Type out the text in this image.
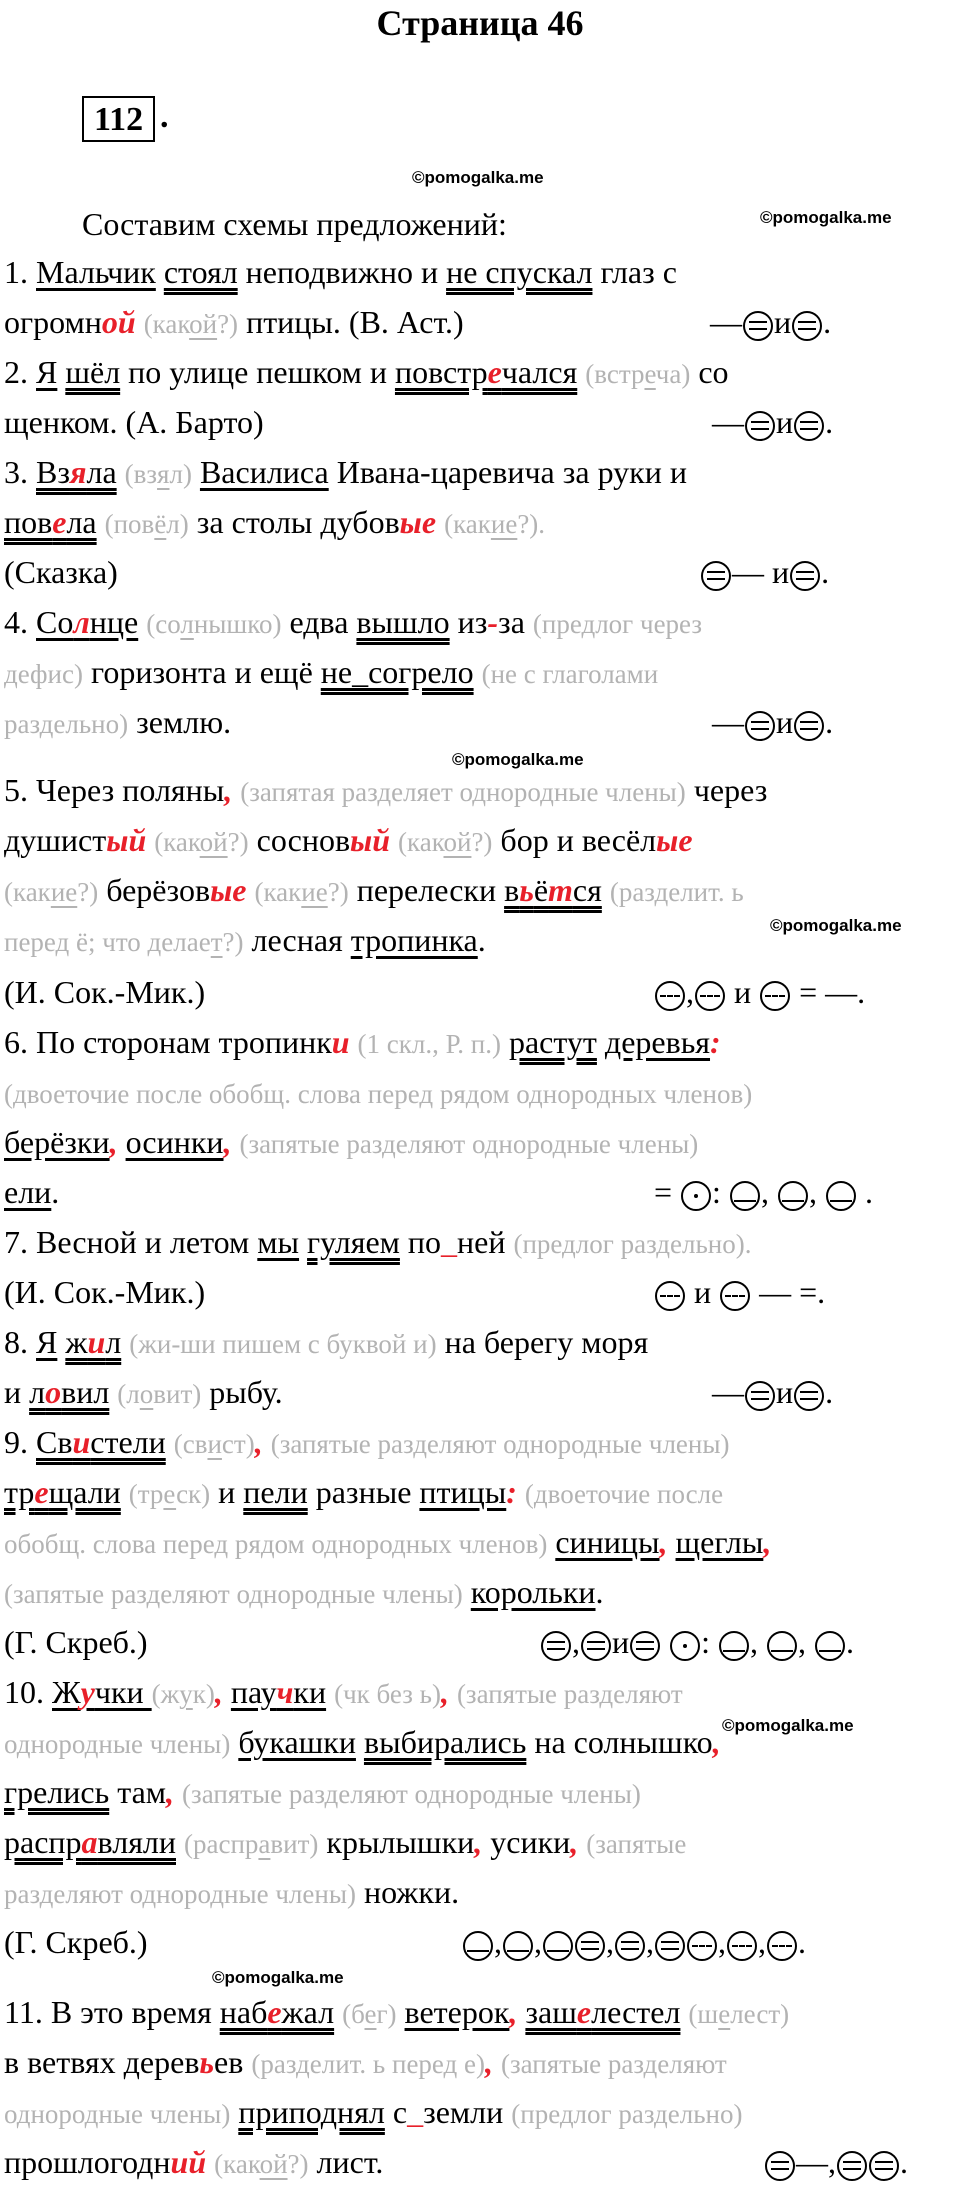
Страница 46
112 .
©pomogalka.me
©pomogalka.me
©pomogalka.me
©pomogalka.me
©pomogalka.me
©pomogalka.me
Составим схемы предложений:
1. Мальчик стоял неподвижно и не спускал глаз с
огромной (какой?) птицы. (В. Аст.)	— и .
2. Я шёл по улице пешком и повстречался (встреча) со
щенком. (А. Барто)	— и .
3. Взяла (взял) Василиса Ивана-царевича за руки и
повела (повёл) за столы дубовые (какие?).
(Сказка)	— и .
4. Солнце (солнышко) едва вышло из-за (предлог через
дефис) горизонта и ещё не_согрело (не с глаголами
раздельно) землю.	— и .
5. Через поляны, (запятая разделяет однородные члены) через
душистый (какой?) сосновый (какой?) бор и весёлые
(какие?) берёзовые (какие?) перелески вьётся (разделит. ь
перед ё; что делает?) лесная тропинка.
(И. Сок.-Мик.)	, и  = —.
6. По сторонам тропинки (1 скл., Р. п.) растут деревья:
(двоеточие после обобщ. слова перед рядом однородных членов)
берёзки, осинки, (запятые разделяют однородные члены)
ели.	= : , ,  .
7. Весной и летом мы гуляем по_ней (предлог раздельно).
(И. Сок.-Мик.)	и  — =.
8. Я жил (жи-ши пишем с буквой и) на берегу моря
и ловил (ловит) рыбу.	— и .
9. Свистели (свист), (запятые разделяют однородные члены)
трещали (треск) и пели разные птицы: (двоеточие после
обобщ. слова перед рядом однородных членов) синицы, щеглы,
(запятые разделяют однородные члены) корольки.
(Г. Скреб.)	, и : , , .
10. Жучки (жук), паучки (чк без ь), (запятые разделяют
однородные члены) букашки выбирались на солнышко,
грелись там, (запятые разделяют однородные члены)
расправляли (расправит) крылышки, усики, (запятые
разделяют однородные члены) ножки.
(Г. Скреб.)	, , , , , , .
11. В это время набежал (бег) ветерок, зашелестел (шелест)
в ветвях деревьев (разделит. ь перед е), (запятые разделяют
однородные члены) приподнял с_земли (предлог раздельно)
прошлогодний (какой?) лист.	—, .
